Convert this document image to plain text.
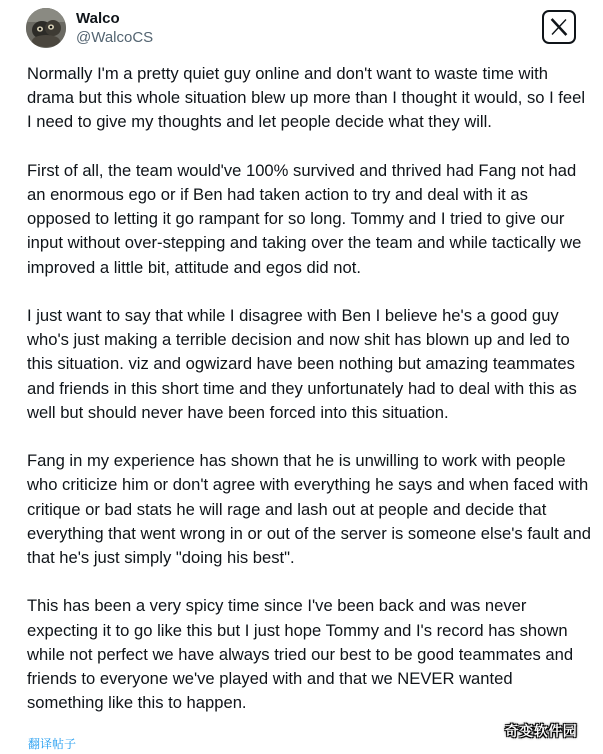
Walco
@WalcoCS
Normally I'm a pretty quiet guy online and don't want to waste time with drama but this whole situation blew up more than I thought it would, so I feel I need to give my thoughts and let people decide what they will.
First of all, the team would've 100% survived and thrived had Fang not had an enormous ego or if Ben had taken action to try and deal with it as opposed to letting it go rampant for so long. Tommy and I tried to give our input without over-stepping and taking over the team and while tactically we improved a little bit, attitude and egos did not.
I just want to say that while I disagree with Ben I believe he's a good guy who's just making a terrible decision and now shit has blown up and led to this situation. viz and ogwizard have been nothing but amazing teammates and friends in this short time and they unfortunately had to deal with this as well but should never have been forced into this situation.
Fang in my experience has shown that he is unwilling to work with people who criticize him or don't agree with everything he says and when faced with critique or bad stats he will rage and lash out at people and decide that everything that went wrong in or out of the server is someone else's fault and that he's just simply "doing his best".
This has been a very spicy time since I've been back and was never expecting it to go like this but I just hope Tommy and I's record has shown while not perfect we have always tried our best to be good teammates and friends to everyone we've played with and that we NEVER wanted something like this to happen.
翻译帖子
奇变软件园
